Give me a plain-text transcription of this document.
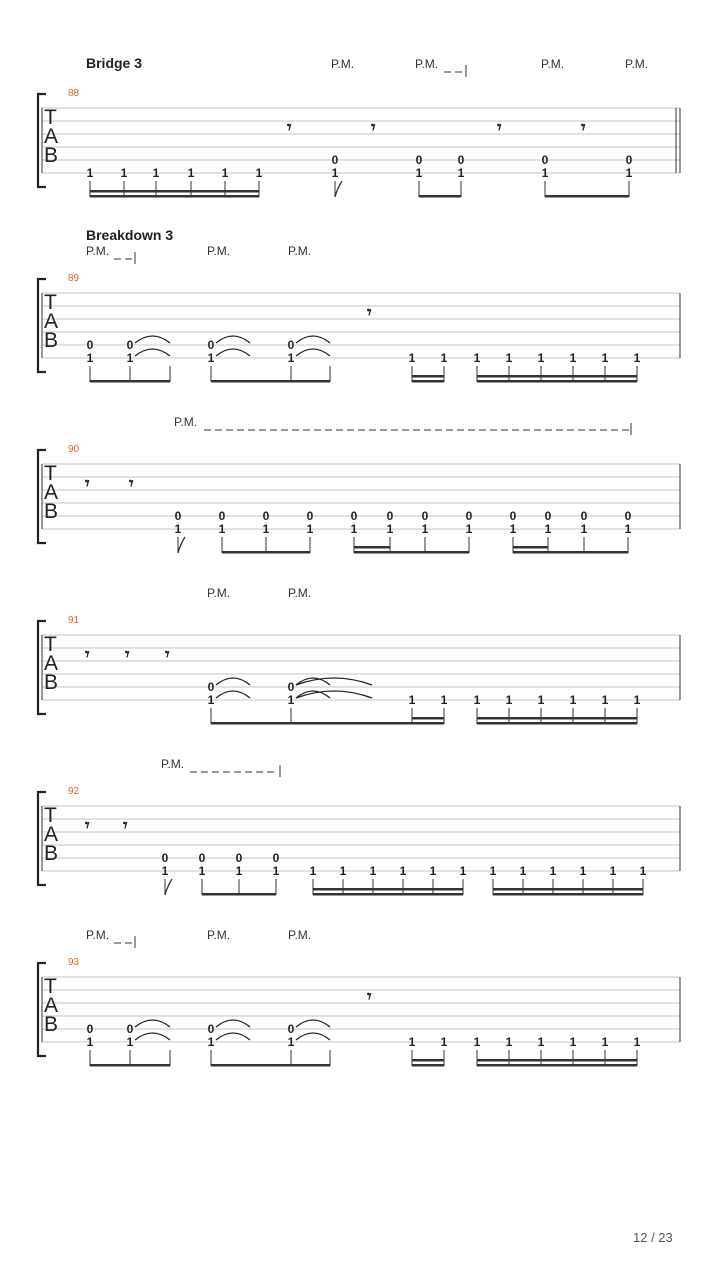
Bridge 3
88
P.M.	P.M.	P.M.	P.M.
T
A
B
𝄾	𝄾	𝄾	𝄾
1 1 1 1 1 1
0
1
0
1
0
1
0
1
0
1
Breakdown 3
89
P.M.	P.M.	P.M.
T
A
B
𝄾
0
1
0
1
0
1
0
1	1 1 1 1 1 1 1 1
90
P.M.
T
A
B
𝄾 𝄾
0
1
0
1
0
1
0
1
0
1
0
1
0
1
0
1
0
1
0
1
0
1
0
1
91
P.M.	P.M.
T
A
B
𝄾 𝄾 𝄾
0
1
0
1	1 1 1 1 1 1 1 1
92
P.M.
T
A
B
𝄾 𝄾
0
1
0
1
0
1
0
1	1 1 1 1 1 1 1 1 1 1 1 1
93
P.M.	P.M.	P.M.
T
A
B
𝄾
0
1
0
1
0
1
0
1	1 1 1 1 1 1 1 1
12 / 23
